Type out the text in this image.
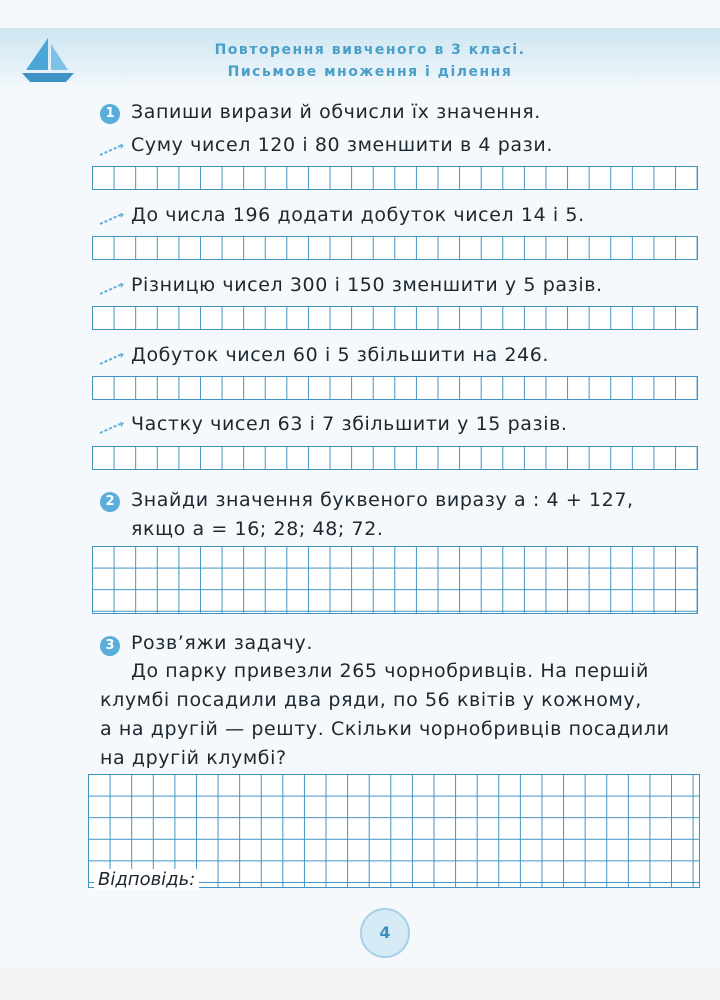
Повторення вивченого в 3 класі.
Письмове множення і ділення
1 Запиши вирази й обчисли їх значення.
Суму чисел 120 і 80 зменшити в 4 рази.
До числа 196 додати добуток чисел 14 і 5.
Різницю чисел 300 і 150 зменшити у 5 разів.
Добуток чисел 60 і 5 збільшити на 246.
Частку чисел 63 і 7 збільшити у 15 разів.
2 Знайди значення буквеного виразу а : 4 + 127,
якщо а = 16; 28; 48; 72.
3 Розв’яжи задачу.
До парку привезли 265 чорнобривців. На першій
клумбі посадили два ряди, по 56 квітів у кожному,
а на другій — решту. Скільки чорнобривців посадили
на другій клумбі?
Відповідь:
4
